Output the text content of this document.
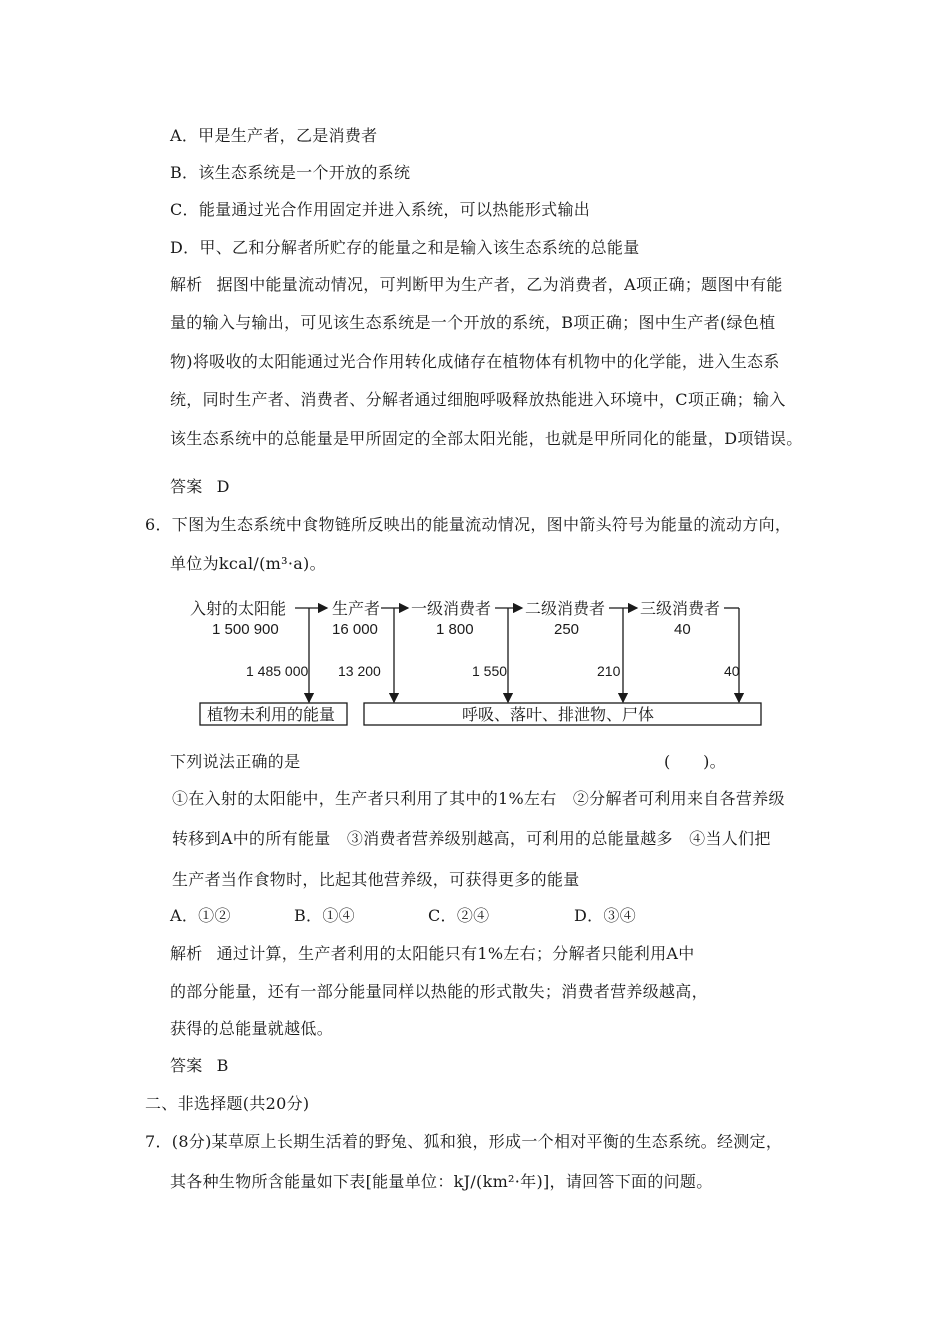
A．甲是生产者，乙是消费者
B．该生态系统是一个开放的系统
C．能量通过光合作用固定并进入系统，可以热能形式输出
D．甲、乙和分解者所贮存的能量之和是输入该生态系统的总能量
解析 据图中能量流动情况，可判断甲为生产者，乙为消费者，A项正确；题图中有能
量的输入与输出，可见该生态系统是一个开放的系统，B项正确；图中生产者(绿色植
物)将吸收的太阳能通过光合作用转化成储存在植物体有机物中的化学能，进入生态系
统，同时生产者、消费者、分解者通过细胞呼吸释放热能进入环境中，C项正确；输入
该生态系统中的总能量是甲所固定的全部太阳光能，也就是甲所同化的能量，D项错误。
答案 D
6．下图为生态系统中食物链所反映出的能量流动情况，图中箭头符号为能量的流动方向，
单位为kcal/(m³·a)。
入射的太阳能
1 500 900
生产者
16 000
一级消费者
1 800
二级消费者
250
三级消费者
40
1 485 000 13 200	1 550	210	40
植物未利用的能量	呼吸、落叶、排泄物、尸体
下列说法正确的是	(　　)。
①在入射的太阳能中，生产者只利用了其中的1%左右　②分解者可利用来自各营养级
转移到A中的所有能量　③消费者营养级别越高，可利用的总能量越多　④当人们把
生产者当作食物时，比起其他营养级，可获得更多的能量
A．①②	B．①④	C．②④	D．③④
解析 通过计算，生产者利用的太阳能只有1%左右；分解者只能利用A中
的部分能量，还有一部分能量同样以热能的形式散失；消费者营养级越高，
获得的总能量就越低。
答案 B
二、非选择题(共20分)
7．(8分)某草原上长期生活着的野兔、狐和狼，形成一个相对平衡的生态系统。经测定，
其各种生物所含能量如下表[能量单位：kJ/(km²·年)]，请回答下面的问题。
